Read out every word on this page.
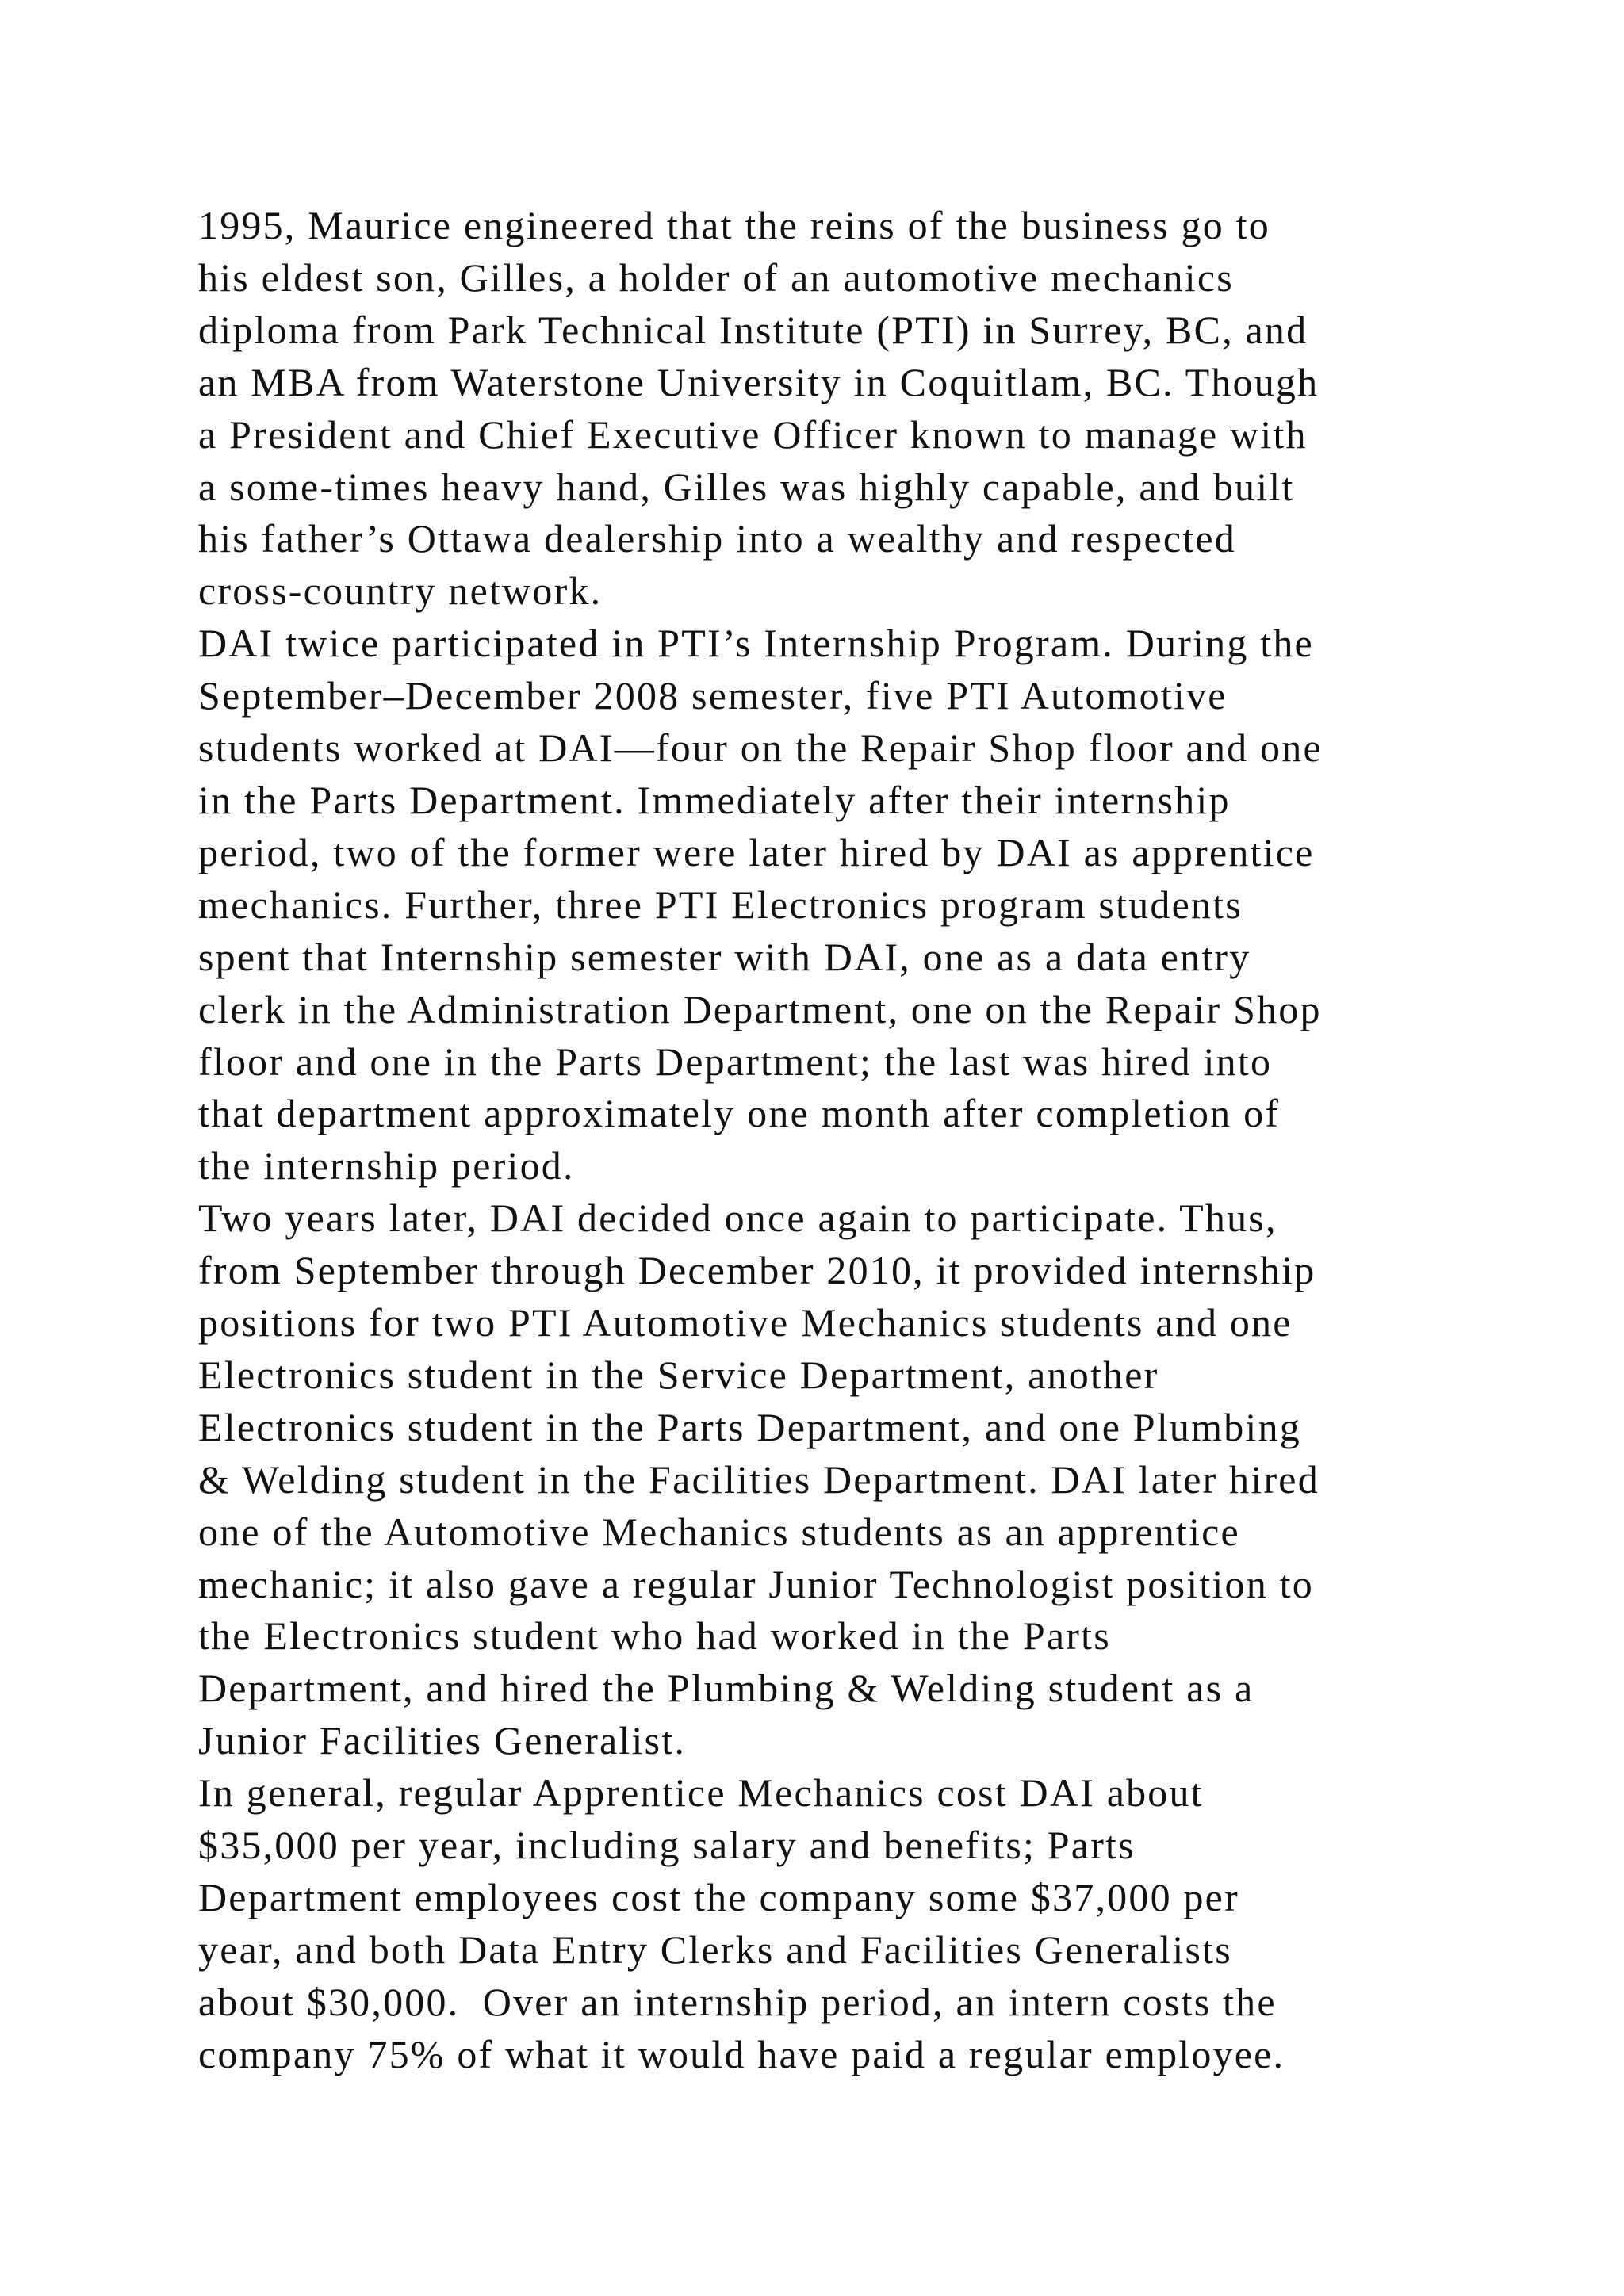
1995, Maurice engineered that the reins of the business go to
his eldest son, Gilles, a holder of an automotive mechanics
diploma from Park Technical Institute (PTI) in Surrey, BC, and
an MBA from Waterstone University in Coquitlam, BC. Though
a President and Chief Executive Officer known to manage with
a some-times heavy hand, Gilles was highly capable, and built
his father’s Ottawa dealership into a wealthy and respected
cross-country network.
DAI twice participated in PTI’s Internship Program. During the
September–December 2008 semester, five PTI Automotive
students worked at DAI—four on the Repair Shop floor and one
in the Parts Department. Immediately after their internship
period, two of the former were later hired by DAI as apprentice
mechanics. Further, three PTI Electronics program students
spent that Internship semester with DAI, one as a data entry
clerk in the Administration Department, one on the Repair Shop
floor and one in the Parts Department; the last was hired into
that department approximately one month after completion of
the internship period.
Two years later, DAI decided once again to participate. Thus,
from September through December 2010, it provided internship
positions for two PTI Automotive Mechanics students and one
Electronics student in the Service Department, another
Electronics student in the Parts Department, and one Plumbing
& Welding student in the Facilities Department. DAI later hired
one of the Automotive Mechanics students as an apprentice
mechanic; it also gave a regular Junior Technologist position to
the Electronics student who had worked in the Parts
Department, and hired the Plumbing & Welding student as a
Junior Facilities Generalist.
In general, regular Apprentice Mechanics cost DAI about
$35,000 per year, including salary and benefits; Parts
Department employees cost the company some $37,000 per
year, and both Data Entry Clerks and Facilities Generalists
about $30,000.  Over an internship period, an intern costs the
company 75% of what it would have paid a regular employee.
